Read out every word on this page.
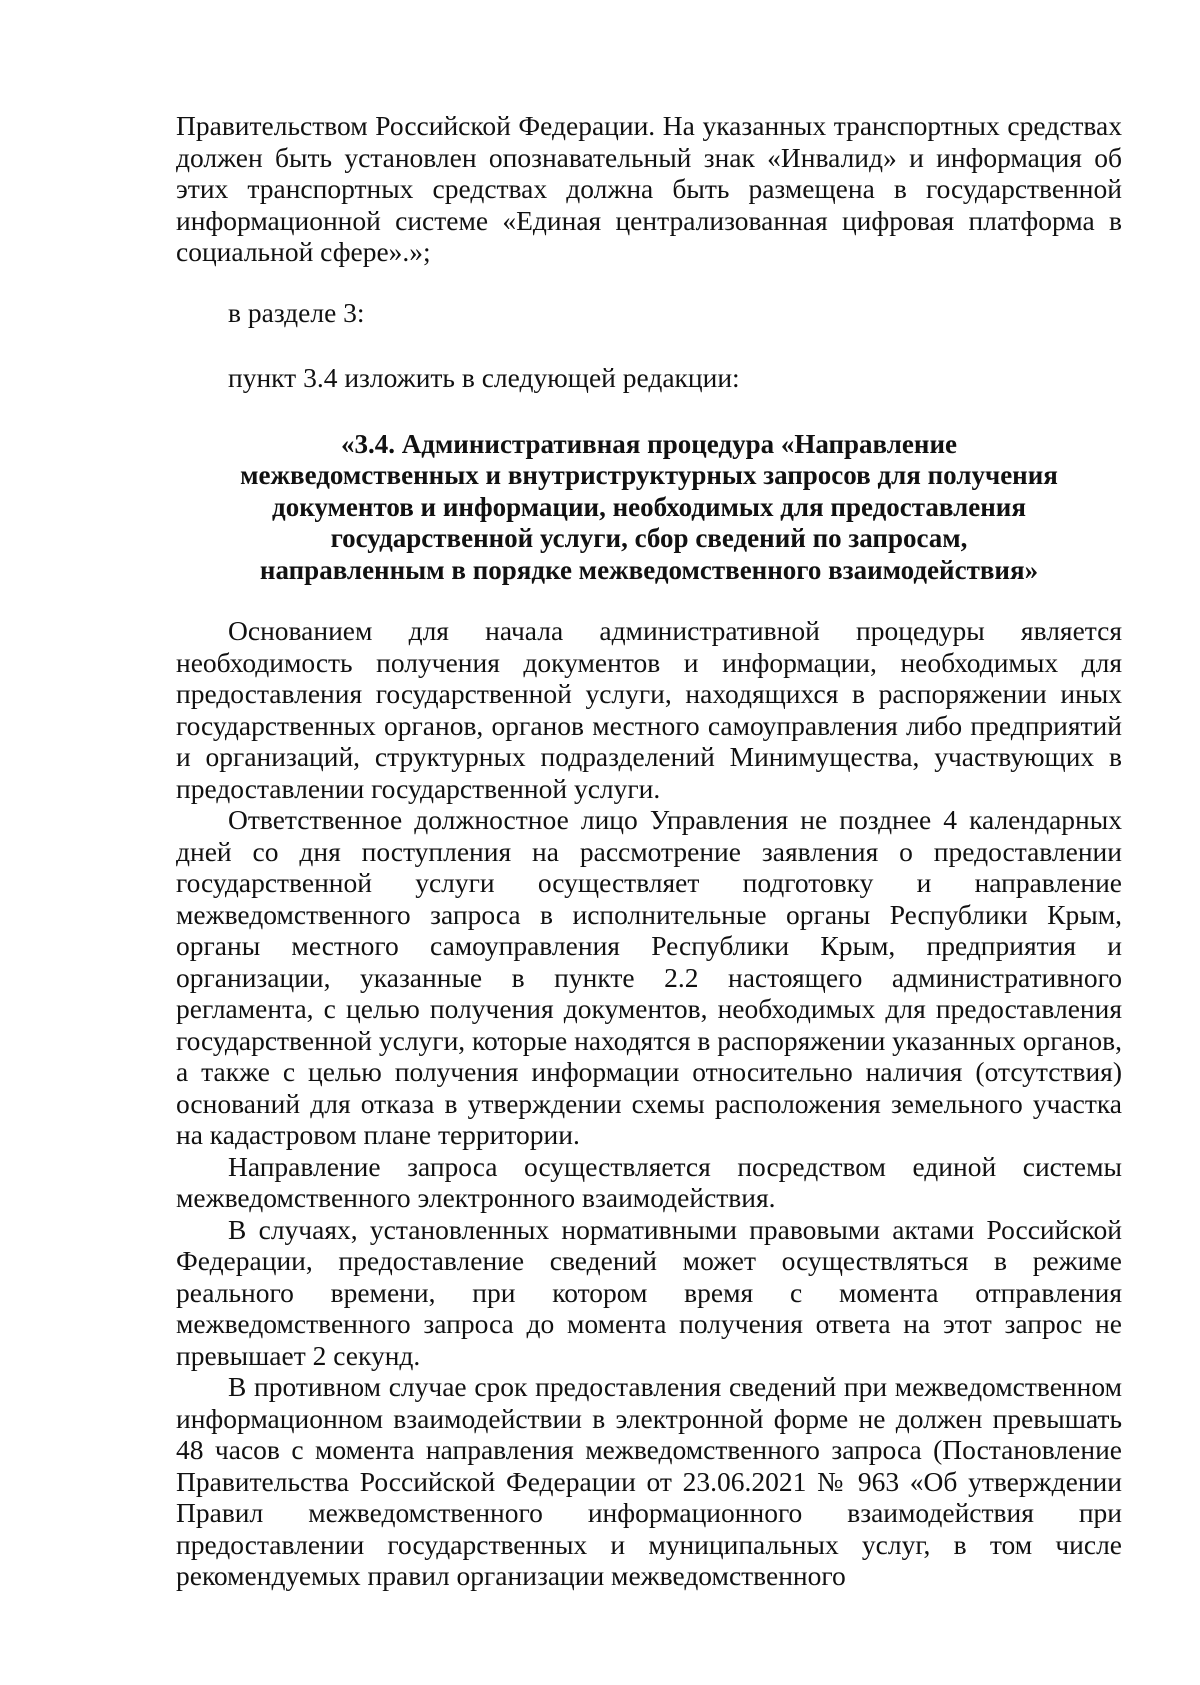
Правительством Российской Федерации. На указанных транспортных средствах должен быть установлен опознавательный знак «Инвалид» и информация об этих транспортных средствах должна быть размещена в государственной информационной системе «Единая централизованная цифровая платформа в социальной сфере».»;

в разделе 3:

пункт 3.4 изложить в следующей редакции:

«3.4. Административная процедура «Направление

межведомственных и внутриструктурных запросов для получения

документов и информации, необходимых для предоставления

государственной услуги, сбор сведений по запросам,

направленным в порядке межведомственного взаимодействия»

Основанием для начала административной процедуры является необходимость получения документов и информации, необходимых для предоставления государственной услуги, находящихся в распоряжении иных государственных органов, органов местного самоуправления либо предприятий и организаций, структурных подразделений Минимущества, участвующих в предоставлении государственной услуги.

Ответственное должностное лицо Управления не позднее 4 календарных дней со дня поступления на рассмотрение заявления о предоставлении государственной услуги осуществляет подготовку и направление межведомственного запроса в исполнительные органы Республики Крым, органы местного самоуправления Республики Крым, предприятия и организации, указанные в пункте 2.2 настоящего административного регламента, с целью получения документов, необходимых для предоставления государственной услуги, которые находятся в распоряжении указанных органов, а также с целью получения информации относительно наличия (отсутствия) оснований для отказа в утверждении схемы расположения земельного участка на кадастровом плане территории.

Направление запроса осуществляется посредством единой системы межведомственного электронного взаимодействия.

В случаях, установленных нормативными правовыми актами Российской Федерации, предоставление сведений может осуществляться в режиме реального времени, при котором время с момента отправления межведомственного запроса до момента получения ответа на этот запрос не превышает 2 секунд.

В противном случае срок предоставления сведений при межведомственном информационном взаимодействии в электронной форме не должен превышать 48 часов с момента направления межведомственного запроса (Постановление Правительства Российской Федерации от 23.06.2021 № 963 «Об утверждении Правил межведомственного информационного взаимодействия при предоставлении государственных и муниципальных услуг, в том числе рекомендуемых правил организации межведомственного
